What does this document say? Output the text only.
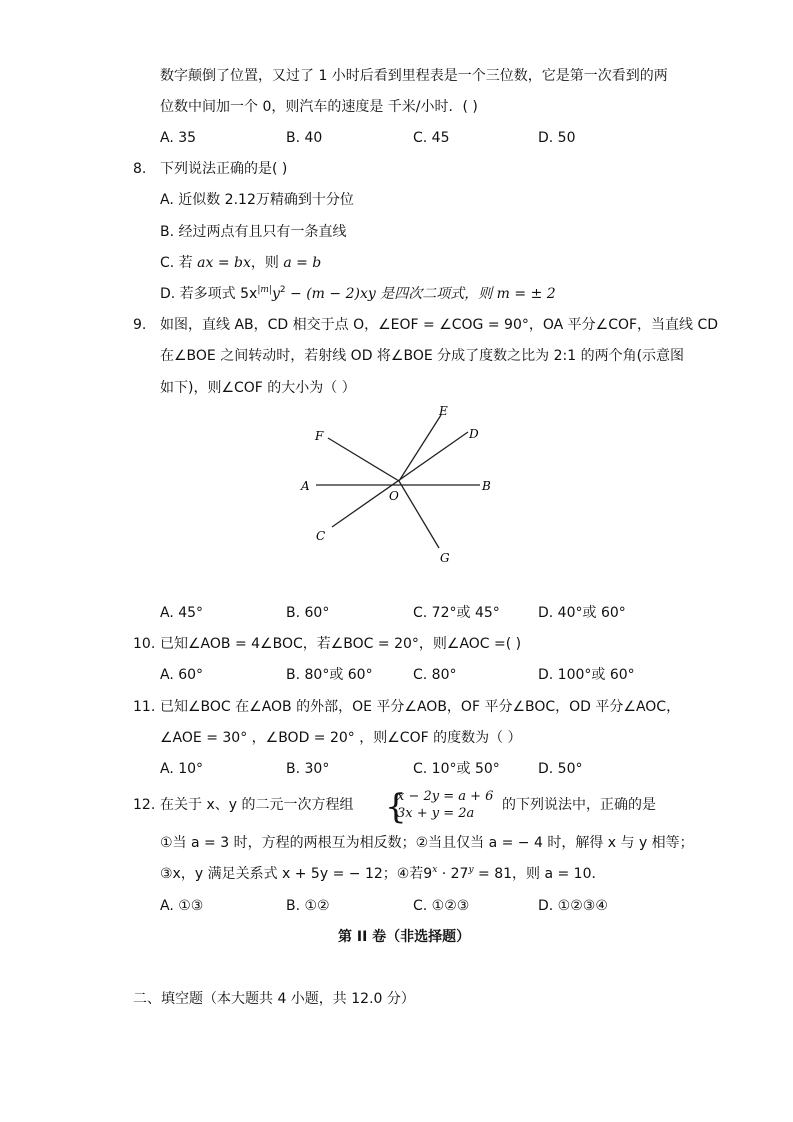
数字颠倒了位置，又过了 1 小时后看到里程表是一个三位数，它是第一次看到的两
位数中间加一个 0，则汽车的速度是 千米/小时．( )
A. 35	B. 40	C. 45	D. 50
8. 下列说法正确的是( )
A. 近似数 2.12万精确到十分位
B. 经过两点有且只有一条直线
C. 若 ax = bx，则 a = b
D. 若多项式 $5x^{|m|}y^2 - (m - 2)xy$ 是四次二项式，则 m = ± 2
9. 如图，直线 AB，CD 相交于点 O，∠EOF = ∠COG = 90°，OA 平分∠COF，当直线 CD
在∠BOE 之间转动时，若射线 OD 将∠BOE 分成了度数之比为 2:1 的两个角(示意图
如下)，则∠COF 的大小为（ ）
E
D
F
A
O
B
C
G
A. 45°	B. 60°	C. 72°或 45°	D. 40°或 60°
10. 已知∠AOB = 4∠BOC，若∠BOC = 20°，则∠AOC =( )
A. 60°	B. 80°或 60°	C. 80°	D. 100°或 60°
11. 已知∠BOC 在∠AOB 的外部，OE 平分∠AOB，OF 平分∠BOC，OD 平分∠AOC，
∠AOE = 30° ，∠BOD = 20° ，则∠COF 的度数为（ ）
A. 10°	B. 30°	C. 10°或 50°	D. 50°
12. 在关于 x、y 的二元一次方程组 {
x − 2y = a + 6
3x + y = 2a
的下列说法中，正确的是
①当 a = 3 时，方程的两根互为相反数；②当且仅当 a = − 4 时，解得 x 与 y 相等；
③x，y 满足关系式 x + 5y = − 12；④若$9^x \cdot 27^y = 81$，则 a = 10．
A. ①③	B. ①②	C. ①②③	D. ①②③④
第 II 卷（非选择题）
二、填空题（本大题共 4 小题，共 12.0 分）
